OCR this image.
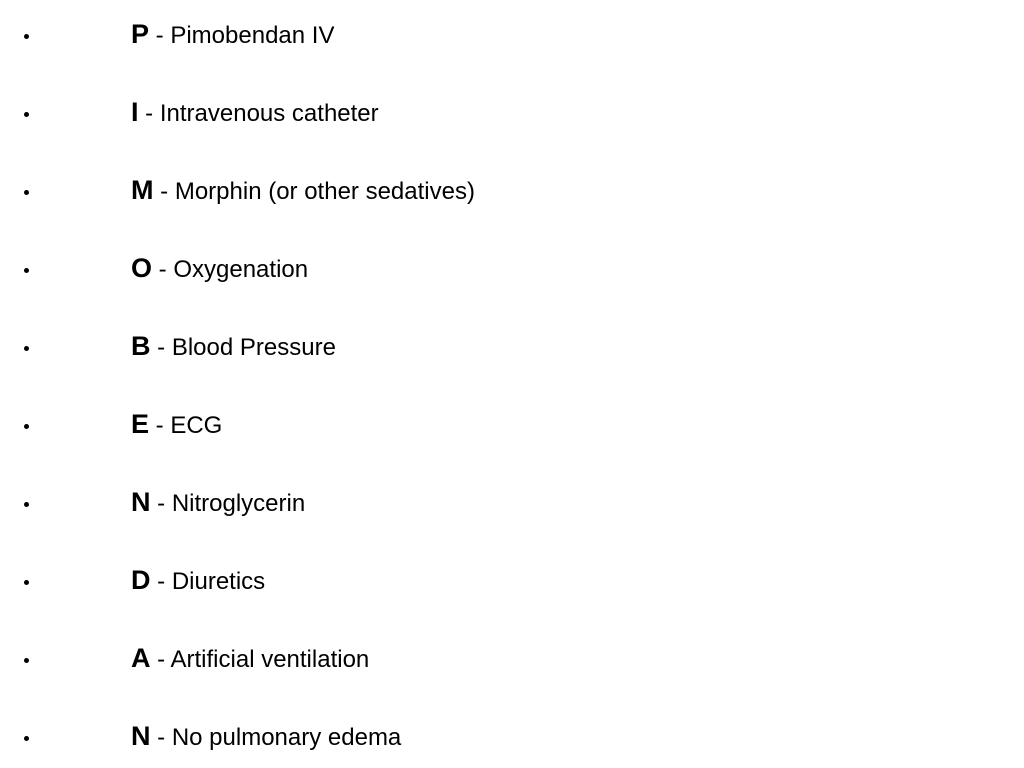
P - Pimobendan IV
I - Intravenous catheter
M - Morphin (or other sedatives)
O - Oxygenation
B - Blood Pressure
E - ECG
N - Nitroglycerin
D - Diuretics
A - Artificial ventilation
N - No pulmonary edema
